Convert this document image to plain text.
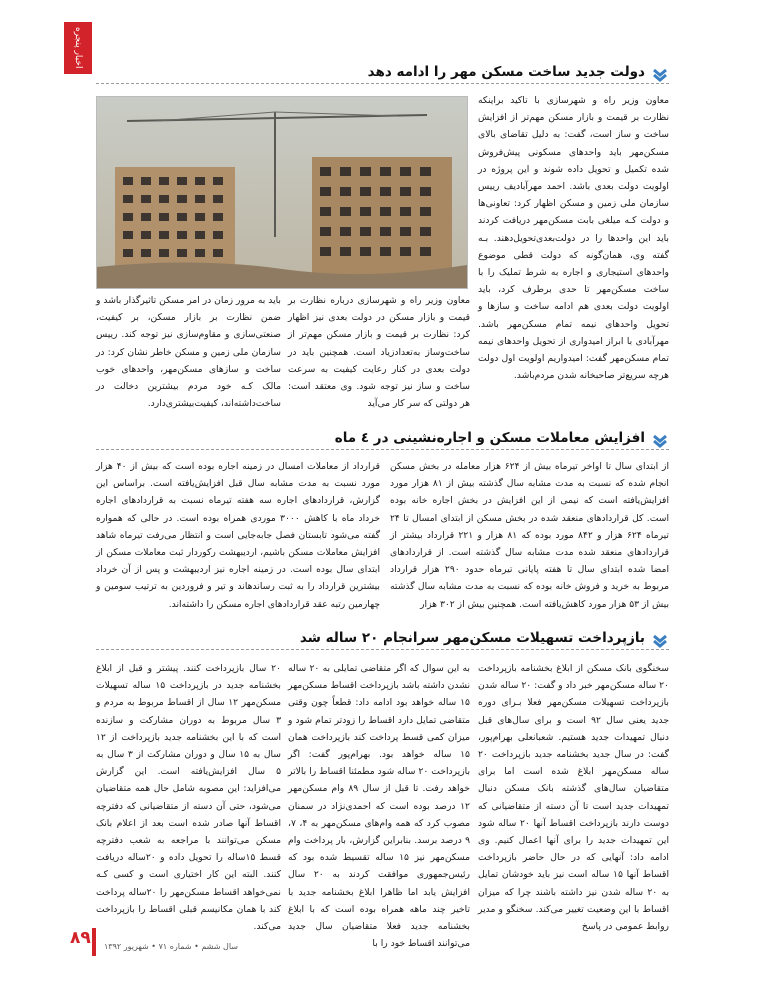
اخبار پنجره
دولت جدید ساخت مسکن مهر را ادامه دهد

معاون وزیر راه و شهرسازی با تاکید براینکه نظارت بر قیمت و بازار مسکن مهم‌تر از افزایش ساخت و ساز است، گفت: به دلیل تقاضای بالای مسکن‌مهر باید واحدهای مسکونی پیش‌فروش شده تکمیل و تحویل داده شوند و این پروژه در اولویت دولت بعدی باشد. احمد مهرآبادیف رییس سازمان ملی زمین و مسکن اظهار کرد: تعاونی‌ها و دولت کـه میلغی بابت مسکن‌مهر دریافت کردند باید این واحدها را در دولت‌بعدی‌تحویل‌دهند. بـه گفته وی، همان‌گونه که دولت قطی موضوع واحدهای استیجاری و اجاره به شرط تملیک را با ساخت مسکن‌مهر تا حدی برطرف کرد، باید اولویت دولت بعدی هم ادامه ساخت و سازها و تحویل واحدهای نیمه تمام مسکن‌مهر باشد. مهرآبادی با ابراز امیدواری از تحویل واحدهای نیمه تمام مسکن‌مهر گفت: امیدواریم اولویت اول دولت هرچه سریع‌تر صاحبخانه شدن مردم‌باشد.

باید به مرور زمان در امر مسکن تاثیرگذار باشد و ضمن نظارت بر بازار مسکن، بر کیفیت، صنعتی‌سازی و مقاوم‌سازی نیز توجه کند. رییس سازمان ملی زمین و مسکن خاطر نشان کرد: در ساخت و سازهای مسکن‌مهر، واحدهای خوب مالک کـه خود مردم بیشترین دخالت در ساخت‌داشته‌اند، کیفیت‌بیشتری‌دارد.

معاون وزیر راه و شهرسازی درباره نظارت بر قیمت و بازار مسکن در دولت بعدی نیز اظهار کرد: نظارت بر قیمت و بازار مسکن مهم‌تر از ساخت‌وساز به‌تعدادزیاد است. همچنین باید در دولت بعدی در کنار رعایت کیفیت به سرعت ساخت و ساز نیز توجه شود. وی معتقد است: هر دولتی که سر کار می‌آید

افزایش معاملات مسکن و اجاره‌نشینی در ٤ ماه

از ابتدای سال تا اواخر تیرماه بیش از ۶۲۴ هزار معامله در بخش مسکن انجام شده که نسبت به مدت مشابه سال گذشته بیش از ۸۱ هزار مورد افزایش‌یافته است که نیمی از این افزایش در بخش اجاره خانه بوده است. کل قراردادهای منعقد شده در بخش مسکن از ابتدای امسال تا ۲۴ تیرماه ۶۲۴ هزار و ۸۴۲ مورد بوده که ۸۱ هزار و ۲۲۱ قرارداد بیشتر از قراردادهای منعقد شده مدت مشابه سال گذشته است. از قراردادهای امضا شده ابتدای سال تا هفته پایانی تیرماه حدود ۲۹۰ هزار قرارداد مربوط به خرید و فروش خانه بوده که نسبت به مدت مشابه سال گذشته بیش از ۵۳ هزار مورد کاهش‌یافته است. همچنین بیش از ۳۰۲ هزار

قرارداد از معاملات امسال در زمینه اجاره بوده است که بیش از ۴۰ هزار مورد نسبت به مدت مشابه سال قبل افزایش‌یافته است. براساس این گزارش، قراردادهای اجاره سه هفته تیرماه نسبت به قراردادهای اجاره خرداد ماه با کاهش ۳۰۰۰ موردی همراه بوده است. در حالی که همواره گفته می‌شود تابستان فصل جابه‌جایی است و انتظار می‌رفت تیرماه شاهد افزایش معاملات مسکن باشیم، اردیبهشت رکوردار ثبت معاملات مسکن از ابتدای سال بوده است. در زمینه اجاره نیز اردیبهشت و پس از آن خرداد بیشترین قرارداد را به ثبت رساندهاند و تیر و فروردین به ترتیب سومین و چهارمین رتبه عقد قراردادهای اجاره مسکن را داشته‌اند.

بازپرداخت تسهیلات مسکن‌مهر سرانجام ۲۰ ساله شد

سخنگوی بانک مسکن از ابلاغ بخشنامه بازپرداخت ۲۰ ساله مسکن‌مهر خبر داد و گفت: ۲۰ ساله شدن بازپرداخت تسهیلات مسکن‌مهر فعلا بـرای دوره جدید یعنی سال ۹۲ است و برای سال‌های قبل دنبال تمهیدات جدید هستیم. شعبانعلی بهرام‌پور، گفت: در سال جدید بخشنامه جدید بازپرداخت ۲۰ ساله مسکن‌مهر ابلاغ شده است اما برای متقاضیان سال‌های گذشته بانک مسکن دنبال تمهیدات جدید است تا آن دسته از متقاضیانی که دوست دارند بازپرداخت اقساط آنها ۲۰ ساله شود این تمهیدات جدید را برای آنها اعمال کنیم. وی ادامه داد: آنهایی که در حال حاضر بازپرداخت اقساط آنها ۱۵ ساله است نیز باید خودشان تمایل به ۲۰ ساله شدن نیز داشته باشند چرا که میزان اقساط با این وضعیت تغییر می‌کند. سخنگو و مدیر روابط عمومی در پاسخ

به این سوال که اگر متقاضی تمایلی به ۲۰ ساله نشدن داشته باشد بازپرداخت اقساط مسکن‌مهر ۱۵ ساله خواهد بود ادامه داد: قطعاً چون وقتی متقاضی تمایل دارد اقساط را زودتر تمام شود و میزان کمی قسط پرداخت کند بازپرداخت همان ۱۵ ساله خواهد بود. بهرام‌پور گفت: اگر بازپرداخت ۲۰ ساله شود مطمئنا اقساط را بالاتر خواهد رفت. تا قبل از سال ۸۹ وام مسکن‌مهر ۱۲ درصد بوده است که احمدی‌نژاد در سمنان مصوب کرد که همه وام‌های مسکن‌مهر به ۴، ۷، ۹ درصد برسد. بنابراین گزارش، بار پرداخت وام مسکن‌مهر نیز ۱۵ ساله تقسیط شده بود که رئیس‌جمهوری موافقت کردند به ۲۰ سال افزایش یابد اما ظاهرا ابلاغ بخشنامه جدید با تاخیر چند ماهه همراه بوده است که با ابلاغ بخشنامه جدید فعلا متقاضیان سال جدید می‌توانند اقساط خود را با

۲۰ سال بازپرداخت کنند. پیشتر و قبل از ابلاغ بخشنامه جدید در بازپرداخت ۱۵ ساله تسهیلات مسکن‌مهر ۱۲ سال از اقساط مربوط به مردم و ۳ سال مربوط به دوران مشارکت و سازنده است که با این بخشنامه جدید بازپرداخت از ۱۲ سال به ۱۵ سال و دوران مشارکت از ۳ سال به ۵ سال افزایش‌یافته است. این گزارش می‌افزاید: این مصوبه شامل حال همه متقاضیان می‌شود، حتی آن دسته از متقاضیانی که دفترچه اقساط آنها صادر شده است بعد از اعلام بانک مسکن می‌توانند با مراجعه به شعب دفترچه قسط ۱۵ساله را تحویل داده و ۲۰ساله دریافت کنند. البته این کار اختیاری است و کسی کـه نمی‌خواهد اقساط مسکن‌مهر را ۲۰ساله پرداخت کند با همان مکانیسم قبلی اقساط را بازپرداخت می‌کند.

۸۹ سال ششم • شماره ۷۱ • شهریور ۱۳۹۲
